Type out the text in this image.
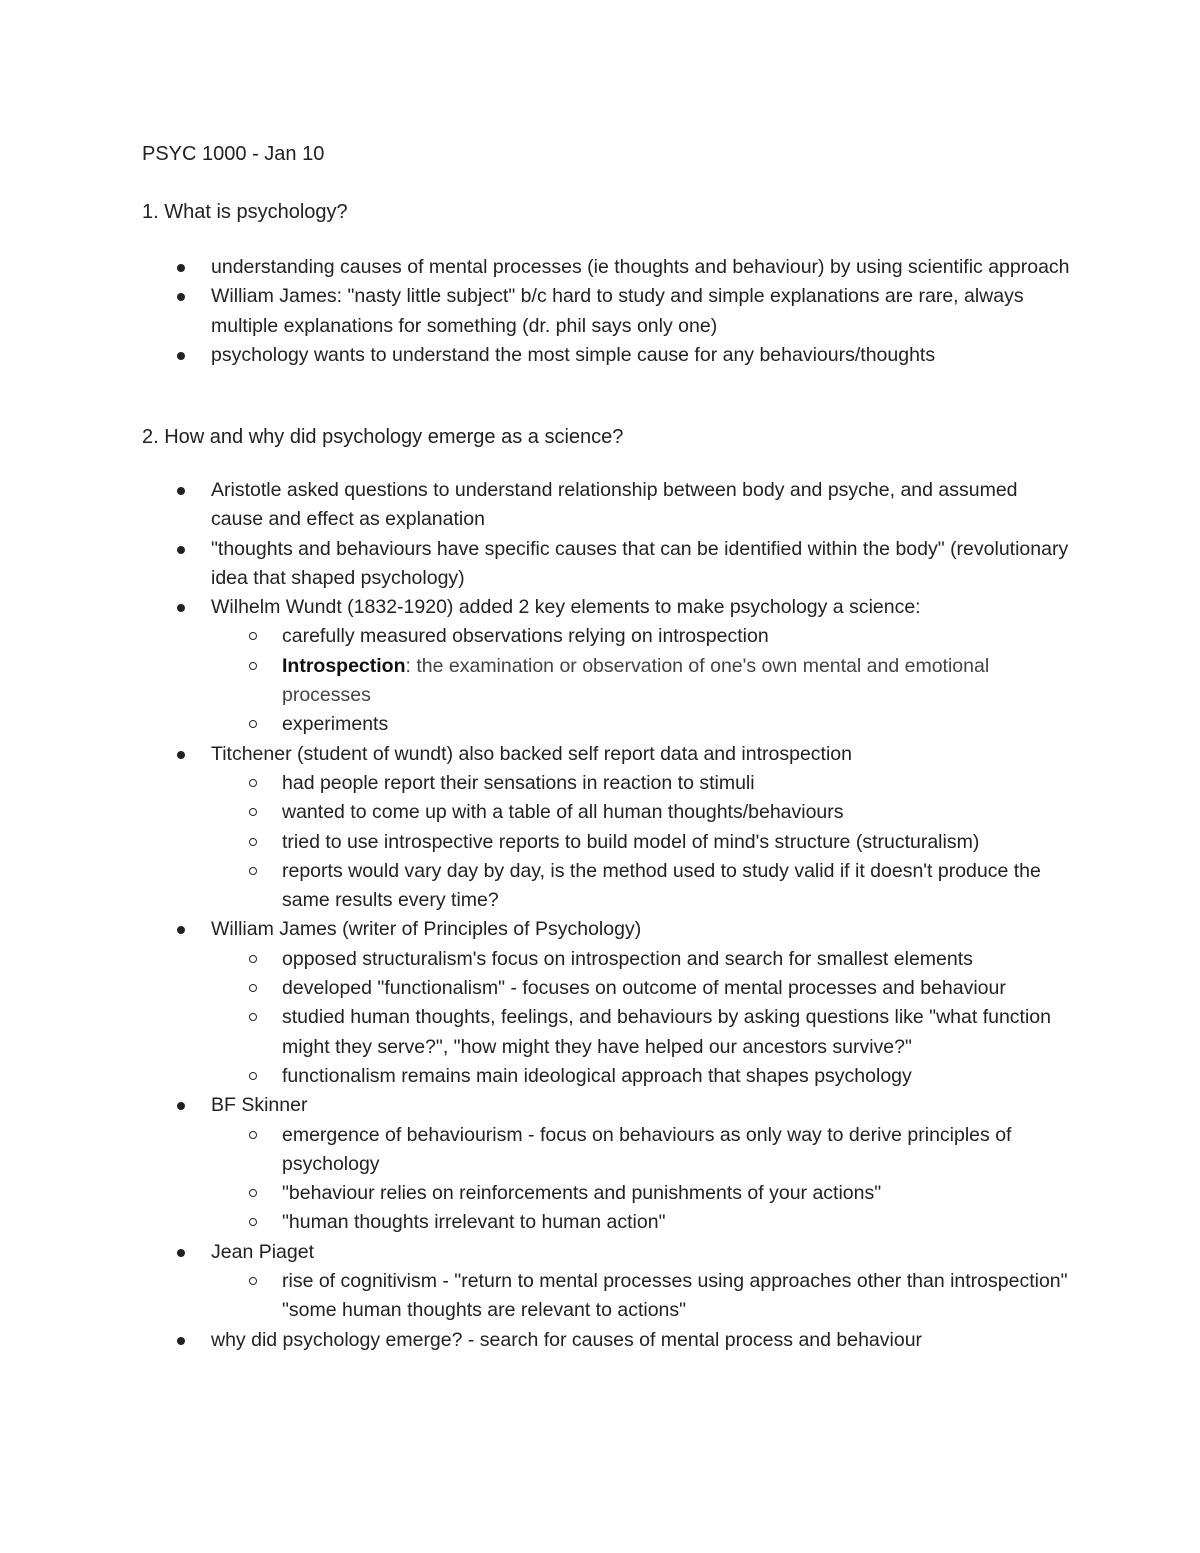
PSYC 1000 - Jan 10
1. What is psychology?
understanding causes of mental processes (ie thoughts and behaviour) by using scientific approach
William James: "nasty little subject" b/c hard to study and simple explanations are rare, always multiple explanations for something (dr. phil says only one)
psychology wants to understand the most simple cause for any behaviours/thoughts
2. How and why did psychology emerge as a science?
Aristotle asked questions to understand relationship between body and psyche, and assumed cause and effect as explanation
"thoughts and behaviours have specific causes that can be identified within the body" (revolutionary idea that shaped psychology)
Wilhelm Wundt (1832-1920) added 2 key elements to make psychology a science:
carefully measured observations relying on introspection
Introspection: the examination or observation of one's own mental and emotional processes
experiments
Titchener (student of wundt) also backed self report data and introspection
had people report their sensations in reaction to stimuli
wanted to come up with a table of all human thoughts/behaviours
tried to use introspective reports to build model of mind's structure (structuralism)
reports would vary day by day, is the method used to study valid if it doesn't produce the same results every time?
William James (writer of Principles of Psychology)
opposed structuralism's focus on introspection and search for smallest elements
developed "functionalism" - focuses on outcome of mental processes and behaviour
studied human thoughts, feelings, and behaviours by asking questions like "what function might they serve?", "how might they have helped our ancestors survive?"
functionalism remains main ideological approach that shapes psychology
BF Skinner
emergence of behaviourism - focus on behaviours as only way to derive principles of psychology
"behaviour relies on reinforcements and punishments of your actions"
"human thoughts irrelevant to human action"
Jean Piaget
rise of cognitivism - "return to mental processes using approaches other than introspection" "some human thoughts are relevant to actions"
why did psychology emerge? - search for causes of mental process and behaviour
